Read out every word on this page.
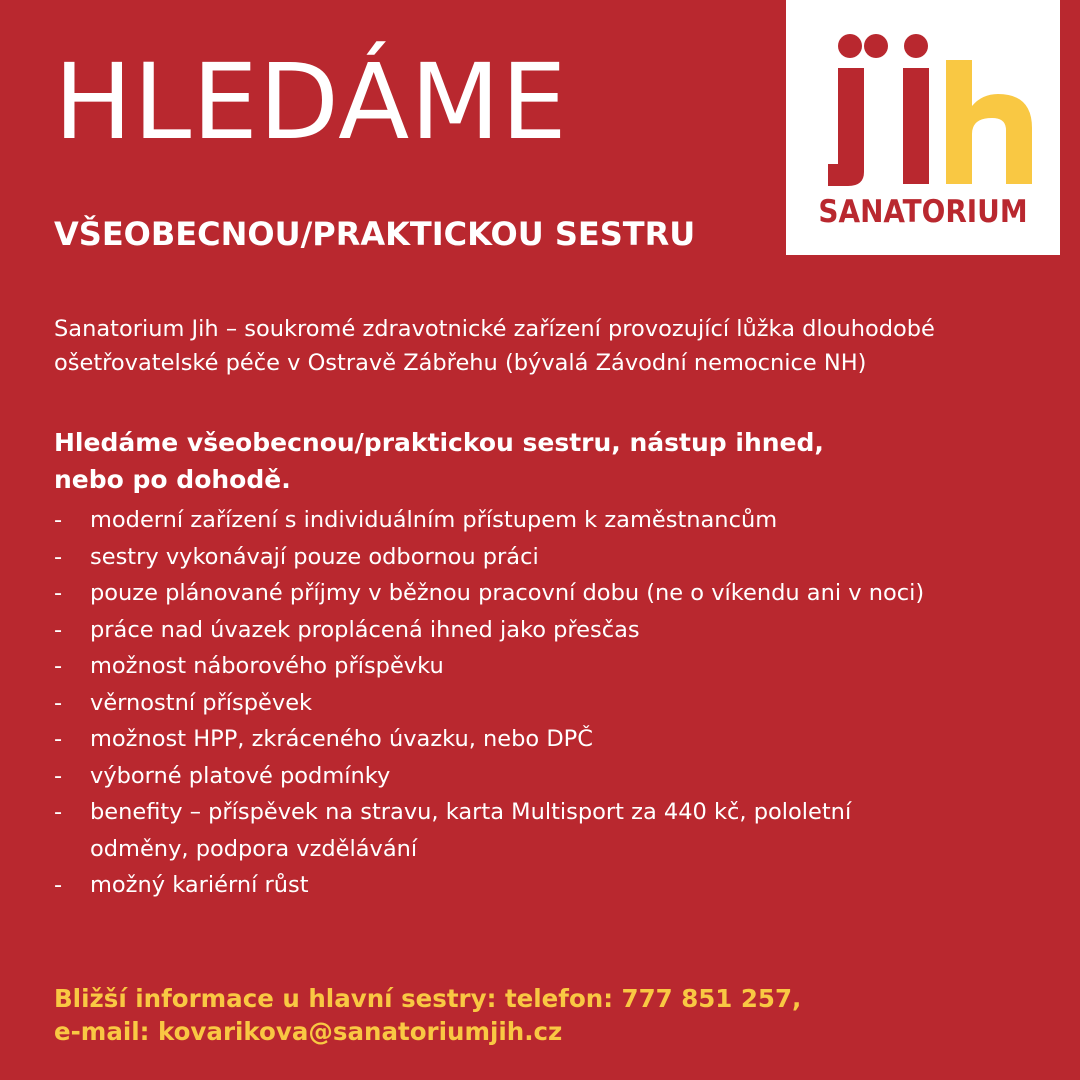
HLEDÁME
VŠEOBECNOU/PRAKTICKOU SESTRU
SANATORIUM

Sanatorium Jih – soukromé zdravotnické zařízení provozující lůžka dlouhodobé
ošetřovatelské péče v Ostravě Zábřehu (bývalá Závodní nemocnice NH)

Hledáme všeobecnou/praktickou sestru, nástup ihned,
nebo po dohodě.

- moderní zařízení s individuálním přístupem k zaměstnancům
- sestry vykonávají pouze odbornou práci
- pouze plánované příjmy v běžnou pracovní dobu (ne o víkendu ani v noci)
- práce nad úvazek proplácená ihned jako přesčas
- možnost náborového příspěvku
- věrnostní příspěvek
- možnost HPP, zkráceného úvazku, nebo DPČ
- výborné platové podmínky
- benefity – příspěvek na stravu, karta Multisport za 440 kč, pololetní
odměny, podpora vzdělávání
- možný kariérní růst

Bližší informace u hlavní sestry: telefon: 777 851 257,
e-mail: kovarikova@sanatoriumjih.cz
